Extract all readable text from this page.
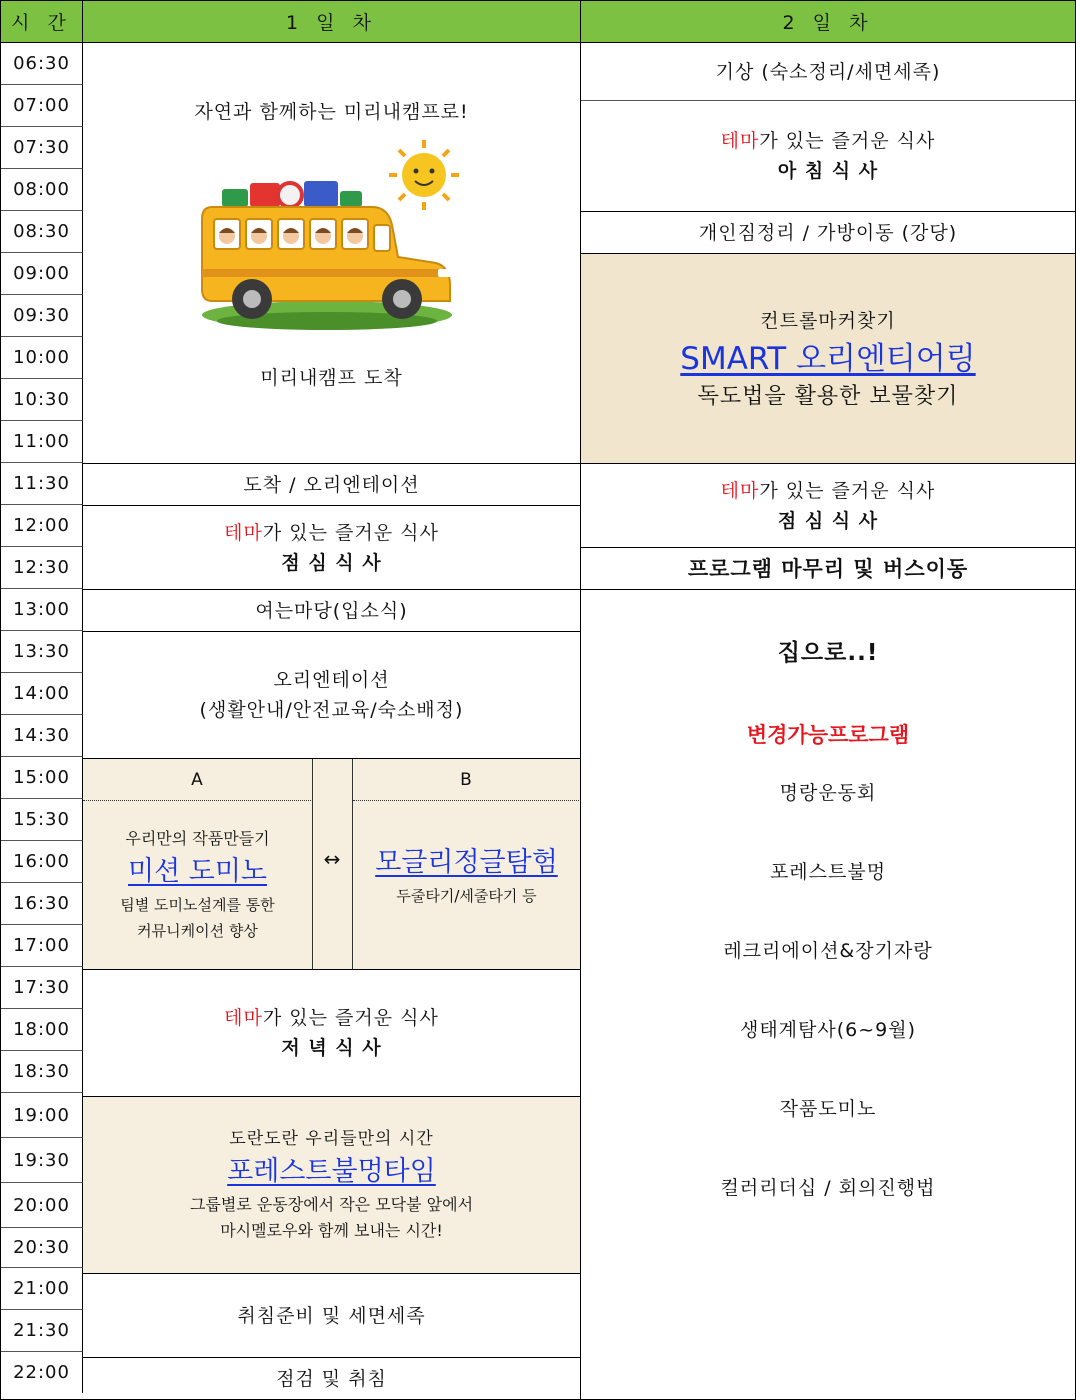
시 간	1 일 차	2 일 차
06:30
07:00
07:30
08:00
08:30
09:00
09:30
10:00
10:30
11:00
11:30
12:00
12:30
13:00
13:30
14:00
14:30
15:00
15:30
16:00
16:30
17:00
17:30
18:00
18:30
19:00
19:30
20:00
20:30
21:00
21:30
22:00
자연과 함께하는 미리내캠프로!
미리내캠프 도착
도착 / 오리엔테이션
테마가 있는 즐거운 식사
점 심 식 사
여는마당(입소식)
오리엔테이션
(생활안내/안전교육/숙소배정)
A
우리만의 작품만들기
미션 도미노
팀별 도미노설계를 통한
커뮤니케이션 향상
↔
B
모글리정글탐험
두줄타기/세줄타기 등
테마가 있는 즐거운 식사
저 녁 식 사
도란도란 우리들만의 시간
포레스트불멍타임
그룹별로 운동장에서 작은 모닥불 앞에서
마시멜로우와 함께 보내는 시간!
취침준비 및 세면세족
점검 및 취침
기상 (숙소정리/세면세족)
테마가 있는 즐거운 식사
아 침 식 사
개인짐정리 / 가방이동 (강당)
컨트롤마커찾기
SMART 오리엔티어링
독도법을 활용한 보물찾기
테마가 있는 즐거운 식사
점 심 식 사
프로그램 마무리 및 버스이동
집으로..!
변경가능프로그램
명랑운동회
포레스트불멍
레크리에이션&장기자랑
생태계탐사(6~9월)
작품도미노
컬러리더십 / 회의진행법
